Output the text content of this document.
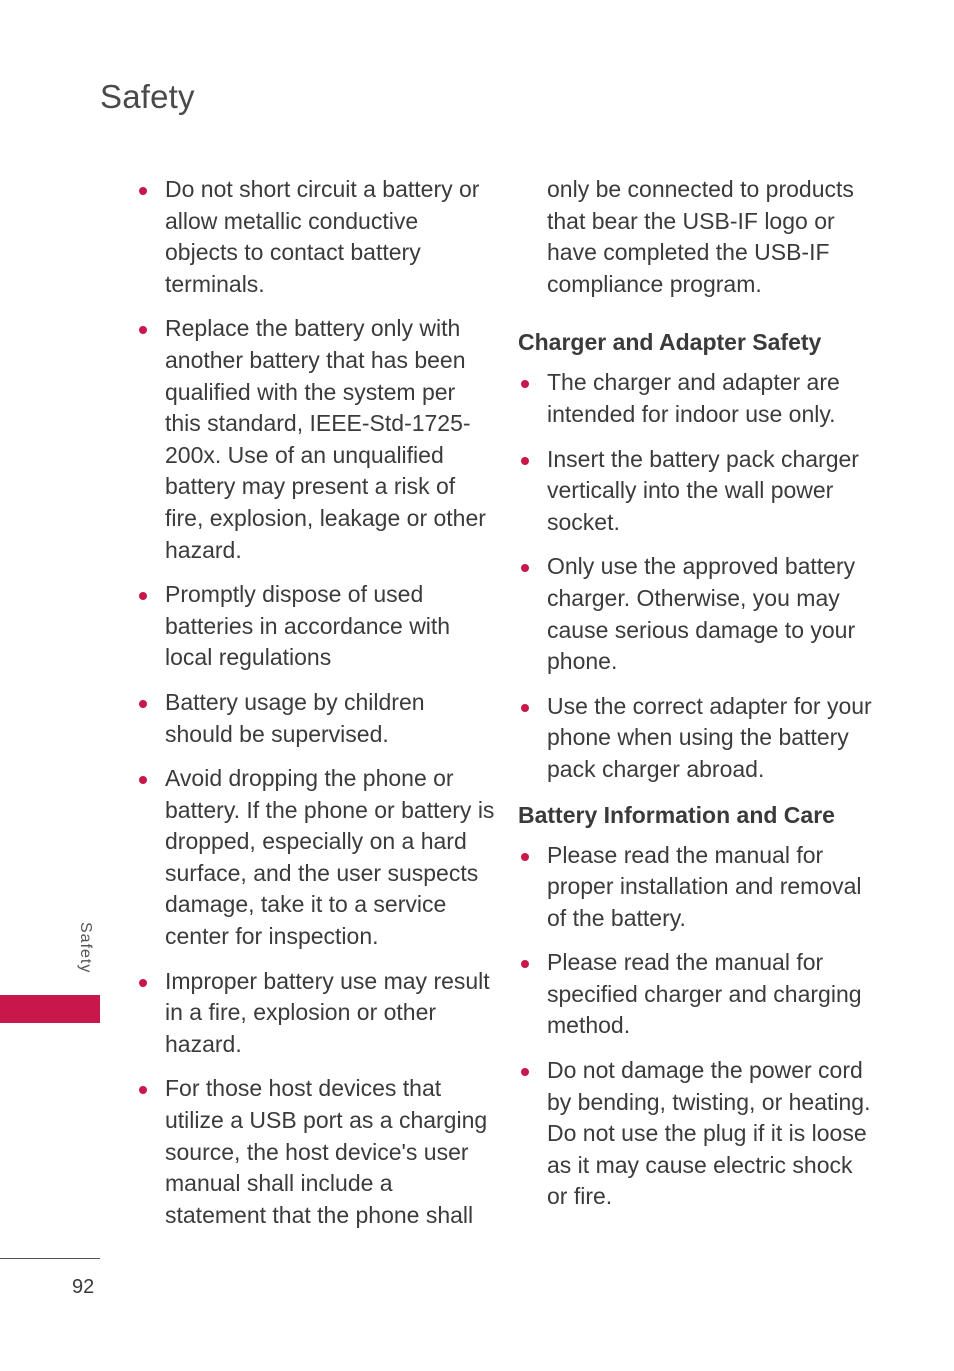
Safety
Do not short circuit a battery or allow metallic conductive objects to contact battery terminals.
Replace the battery only with another battery that has been qualified with the system per this standard, IEEE-Std-1725-200x. Use of an unqualified battery may present a risk of fire, explosion, leakage or other hazard.
Promptly dispose of used batteries in accordance with local regulations
Battery usage by children should be supervised.
Avoid dropping the phone or battery. If the phone or battery is dropped, especially on a hard surface, and the user suspects damage, take it to a service center for inspection.
Improper battery use may result in a fire, explosion or other hazard.
For those host devices that utilize a USB port as a charging source, the host device's user manual shall include a statement that the phone shall

only be connected to products that bear the USB-IF logo or have completed the USB-IF compliance program.

Charger and Adapter Safety
The charger and adapter are intended for indoor use only.
Insert the battery pack charger vertically into the wall power socket.
Only use the approved battery charger. Otherwise, you may cause serious damage to your phone.
Use the correct adapter for your phone when using the battery pack charger abroad.
Battery Information and Care
Please read the manual for proper installation and removal of the battery.
Please read the manual for specified charger and charging method.
Do not damage the power cord by bending, twisting, or heating. Do not use the plug if it is loose as it may cause electric shock or fire.
Safety
92
